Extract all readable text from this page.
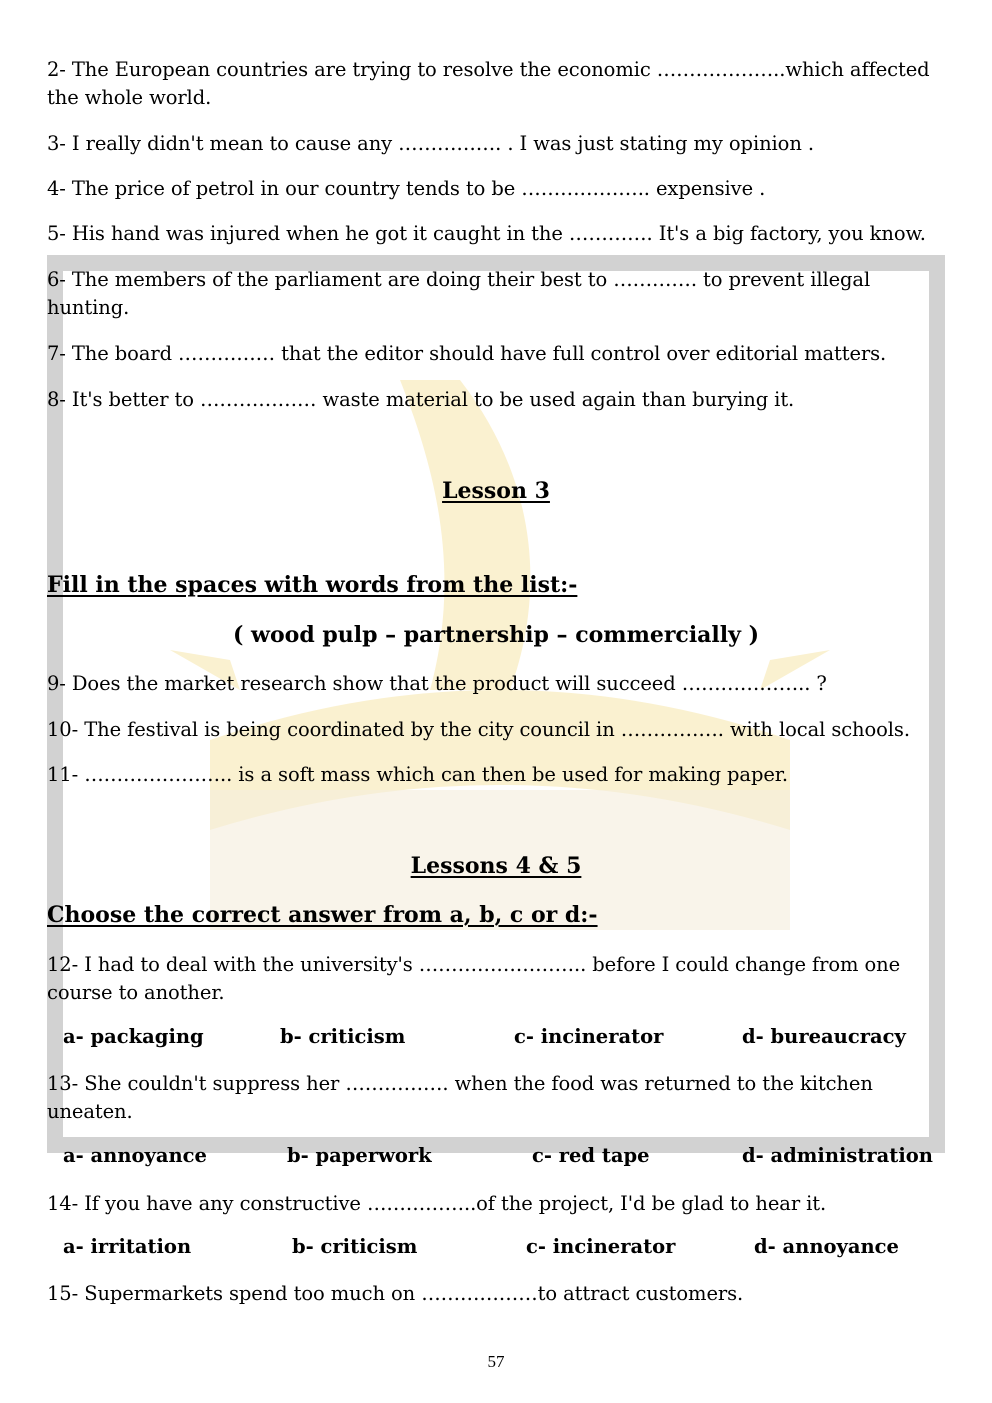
2- The European countries are trying to resolve the economic ………………..which affected the whole world.
3- I really didn't mean to cause any ……………. . I was just stating my opinion .
4- The price of petrol in our country tends to be ……………….. expensive .
5- His hand was injured when he got it caught in the …………. It's a big factory, you know.
6- The members of the parliament are doing their best to …………. to prevent illegal hunting.
7- The board …………… that the editor should have full control over editorial matters.
8- It's better to ……………… waste material to be used again than burying it.
Lesson 3
Fill in the spaces with words from the list:-
( wood pulp – partnership – commercially )
9- Does the market research show that the product will succeed ……………….. ?
10- The festival is being coordinated by the city council in ……………. with local schools.
11- ………………….. is a soft mass which can then be used for making paper.
Lessons 4 & 5
Choose the correct answer from a, b, c or d:-
12- I had to deal with the university's …………………….. before I could change from one course to another.
a- packaging	b- criticism	c- incinerator	d- bureaucracy
13- She couldn't suppress her ……………. when the food was returned to the kitchen uneaten.
a- annoyance	b- paperwork	c- red tape	d- administration
14- If you have any constructive ……………..of the project, I'd be glad to hear it.
a- irritation	b- criticism	c- incinerator	d- annoyance
15- Supermarkets spend too much on ………………to attract customers.
57
